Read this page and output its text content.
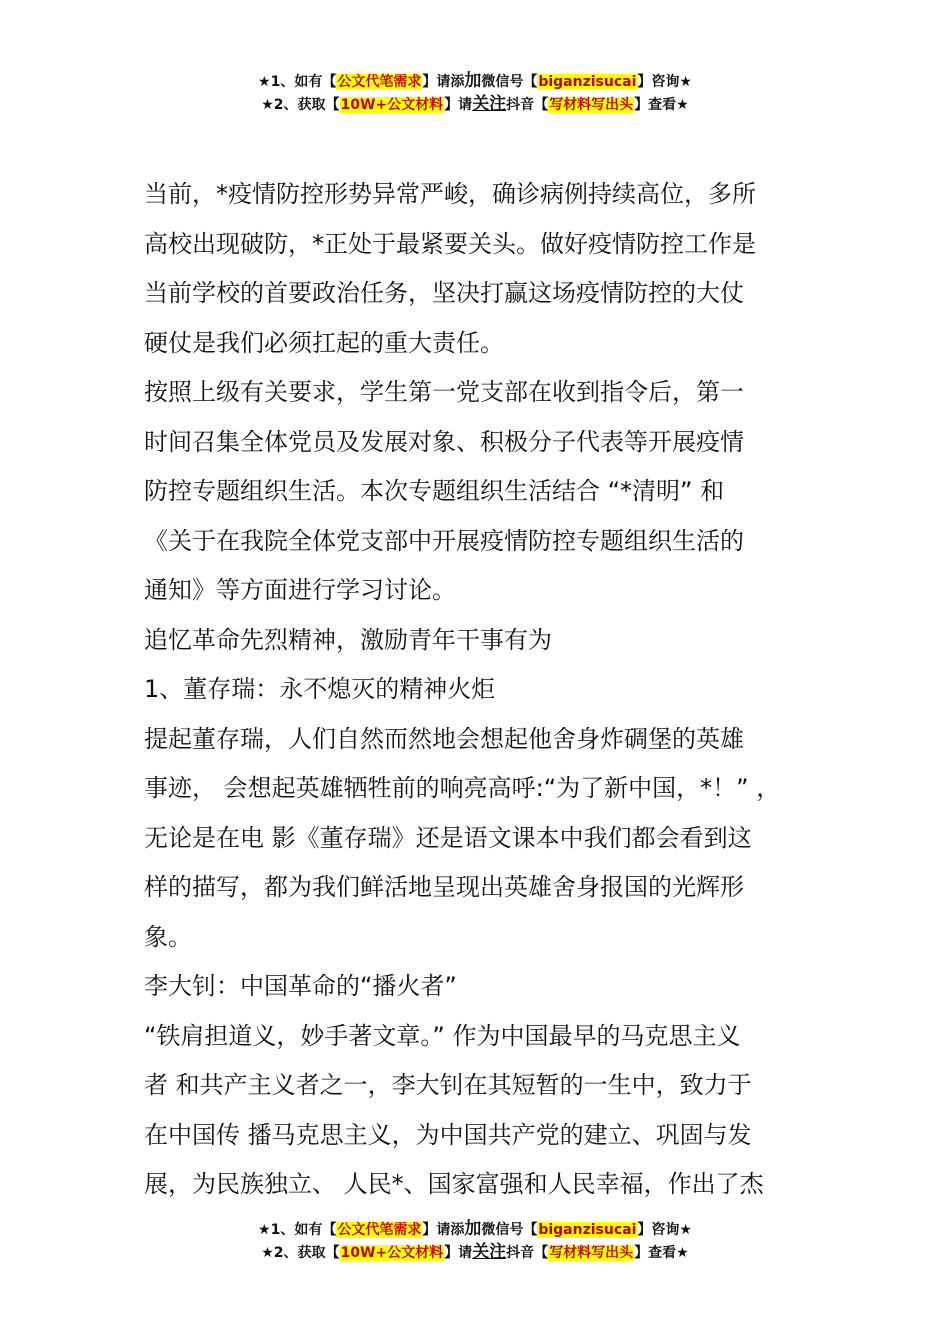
★1、如有【公文代笔需求】请添加微信号【biganzisucai】咨询★
★2、获取【10W+公文材料】请关注抖音【写材料写出头】查看★

当前，*疫情防控形势异常严峻，确诊病例持续高位，多所
高校出现破防，*正处于最紧要关头。做好疫情防控工作是
当前学校的首要政治任务，坚决打赢这场疫情防控的大仗
硬仗是我们必须扛起的重大责任。

按照上级有关要求，学生第一党支部在收到指令后，第一
时间召集全体党员及发展对象、积极分子代表等开展疫情
防控专题组织生活。本次专题组织生活结合 “*清明” 和
《关于在我院全体党支部中开展疫情防控专题组织生活的
通知》等方面进行学习讨论。

追忆革命先烈精神，激励青年干事有为

1、董存瑞：永不熄灭的精神火炬

提起董存瑞，人们自然而然地会想起他舍身炸碉堡的英雄
事迹， 会想起英雄牺牲前的响亮高呼:“为了新中国，*！” ，
无论是在电 影《董存瑞》还是语文课本中我们都会看到这
样的描写，都为我们鲜活地呈现出英雄舍身报国的光辉形
象。

李大钊：中国革命的“播火者”

“铁肩担道义，妙手著文章。” 作为中国最早的马克思主义
者 和共产主义者之一，李大钊在其短暂的一生中，致力于
在中国传 播马克思主义，为中国共产党的建立、巩固与发
展，为民族独立、 人民*、国家富强和人民幸福，作出了杰

★1、如有【公文代笔需求】请添加微信号【biganzisucai】咨询★
★2、获取【10W+公文材料】请关注抖音【写材料写出头】查看★
